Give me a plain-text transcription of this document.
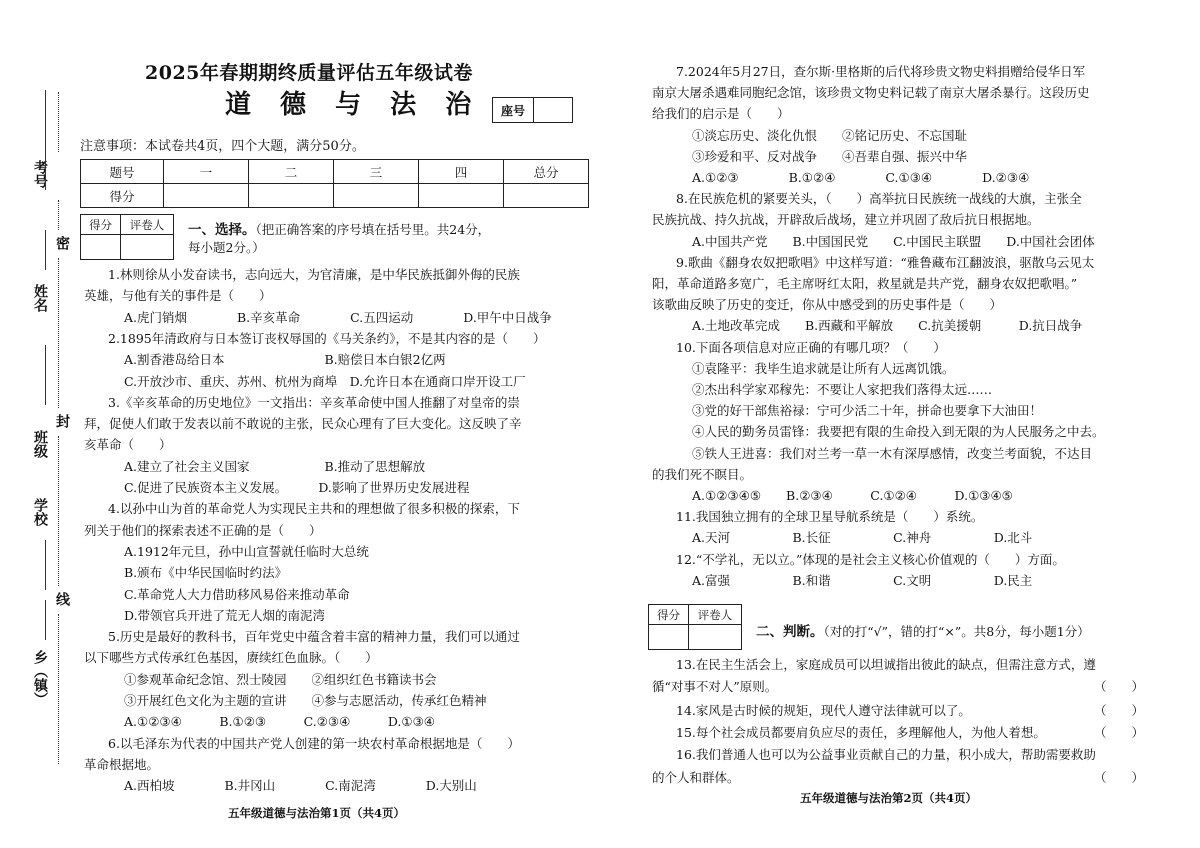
考号
密
姓名
封
班级
学校
线
乡（镇）
2025年春期期终质量评估五年级试卷
道 德 与 法 治	座号
注意事项：本试卷共4页，四个大题，满分50分。
题号	一	二	三	四	总分
得分					
得分	评卷人	一、选择。（把正确答案的序号填在括号里。共24分，
每小题2分。）
1.林则徐从小发奋读书，志向远大，为官清廉，是中华民族抵御外侮的民族
英雄，与他有关的事件是（　　）
A.虎门销烟　　　　B.辛亥革命　　　　C.五四运动　　　　D.甲午中日战争
2.1895年清政府与日本签订丧权辱国的《马关条约》，不是其内容的是（　　）
A.割香港岛给日本　　　　　　　　B.赔偿日本白银2亿两
C.开放沙市、重庆、苏州、杭州为商埠　D.允许日本在通商口岸开设工厂
3.《辛亥革命的历史地位》一文指出：辛亥革命使中国人推翻了对皇帝的崇
拜，促使人们敢于发表以前不敢说的主张，民众心理有了巨大变化。这反映了辛
亥革命（　　）
A.建立了社会主义国家　　　　　　B.推动了思想解放
C.促进了民族资本主义发展。　　　D.影响了世界历史发展进程
4.以孙中山为首的革命党人为实现民主共和的理想做了很多积极的探索，下
列关于他们的探索表述不正确的是（　　）
A.1912年元旦，孙中山宣誓就任临时大总统
B.颁布《中华民国临时约法》
C.革命党人大力借助移风易俗来推动革命
D.带领官兵开进了荒无人烟的南泥湾
5.历史是最好的教科书，百年党史中蕴含着丰富的精神力量，我们可以通过
以下哪些方式传承红色基因，赓续红色血脉。（　　）
①参观革命纪念馆、烈士陵园　　②组织红色书籍读书会
③开展红色文化为主题的宣讲　　④参与志愿活动，传承红色精神
A.①②③④　　　B.①②③　　　C.②③④　　　D.①③④
6.以毛泽东为代表的中国共产党人创建的第一块农村革命根据地是（　　）
革命根据地。
A.西柏坡　　　　B.井冈山　　　　C.南泥湾　　　　D.大别山
五年级道德与法治第1页（共4页）
7.2024年5月27日，查尔斯·里格斯的后代将珍贵文物史料捐赠给侵华日军
南京大屠杀遇难同胞纪念馆，该珍贵文物史料记载了南京大屠杀暴行。这段历史
给我们的启示是（　　）
①淡忘历史、淡化仇恨　　②铭记历史、不忘国耻
③珍爱和平、反对战争　　④吾辈自强、振兴中华
A.①②③　　　　B.①②④　　　　C.①③④　　　　D.②③④
8.在民族危机的紧要关头，（　　）高举抗日民族统一战线的大旗，主张全
民族抗战、持久抗战，开辟敌后战场，建立并巩固了敌后抗日根据地。
A.中国共产党　　B.中国国民党　　C.中国民主联盟　　D.中国社会团体
9.歌曲《翻身农奴把歌唱》中这样写道：“雅鲁藏布江翻波浪，驱散乌云见太
阳，革命道路多宽广，毛主席呀红太阳，救星就是共产党，翻身农奴把歌唱。”
该歌曲反映了历史的变迁，你从中感受到的历史事件是（　　）
A.土地改革完成　　B.西藏和平解放　　C.抗美援朝　　　D.抗日战争
10.下面各项信息对应正确的有哪几项？（　　）
①袁隆平：我毕生追求就是让所有人远离饥饿。
②杰出科学家邓稼先：不要让人家把我们落得太远……
③党的好干部焦裕禄：宁可少活二十年，拼命也要拿下大油田！
④人民的勤务员雷锋：我要把有限的生命投入到无限的为人民服务之中去。
⑤铁人王进喜：我们对兰考一草一木有深厚感情，改变兰考面貌，不达目
的我们死不瞑目。
A.①②③④⑤　　B.②③④　　　C.①②④　　　D.①③④⑤
11.我国独立拥有的全球卫星导航系统是（　　）系统。
A.天河　　　　　B.长征　　　　　C.神舟　　　　　D.北斗
12.“不学礼，无以立。”体现的是社会主义核心价值观的（　　）方面。
A.富强　　　　　B.和谐　　　　　C.文明　　　　　D.民主
得分	评卷人
二、判断。（对的打“√”，错的打“×”。共8分，每小题1分）
13.在民主生活会上，家庭成员可以坦诚指出彼此的缺点，但需注意方式，遵
循“对事不对人”原则。
14.家风是古时候的规矩，现代人遵守法律就可以了。
15.每个社会成员都要肩负应尽的责任，多理解他人，为他人着想。
16.我们普通人也可以为公益事业贡献自己的力量，积小成大，帮助需要救助
的个人和群体。
（　　）
（　　）
（　　）
（　　）
五年级道德与法治第2页（共4页）
